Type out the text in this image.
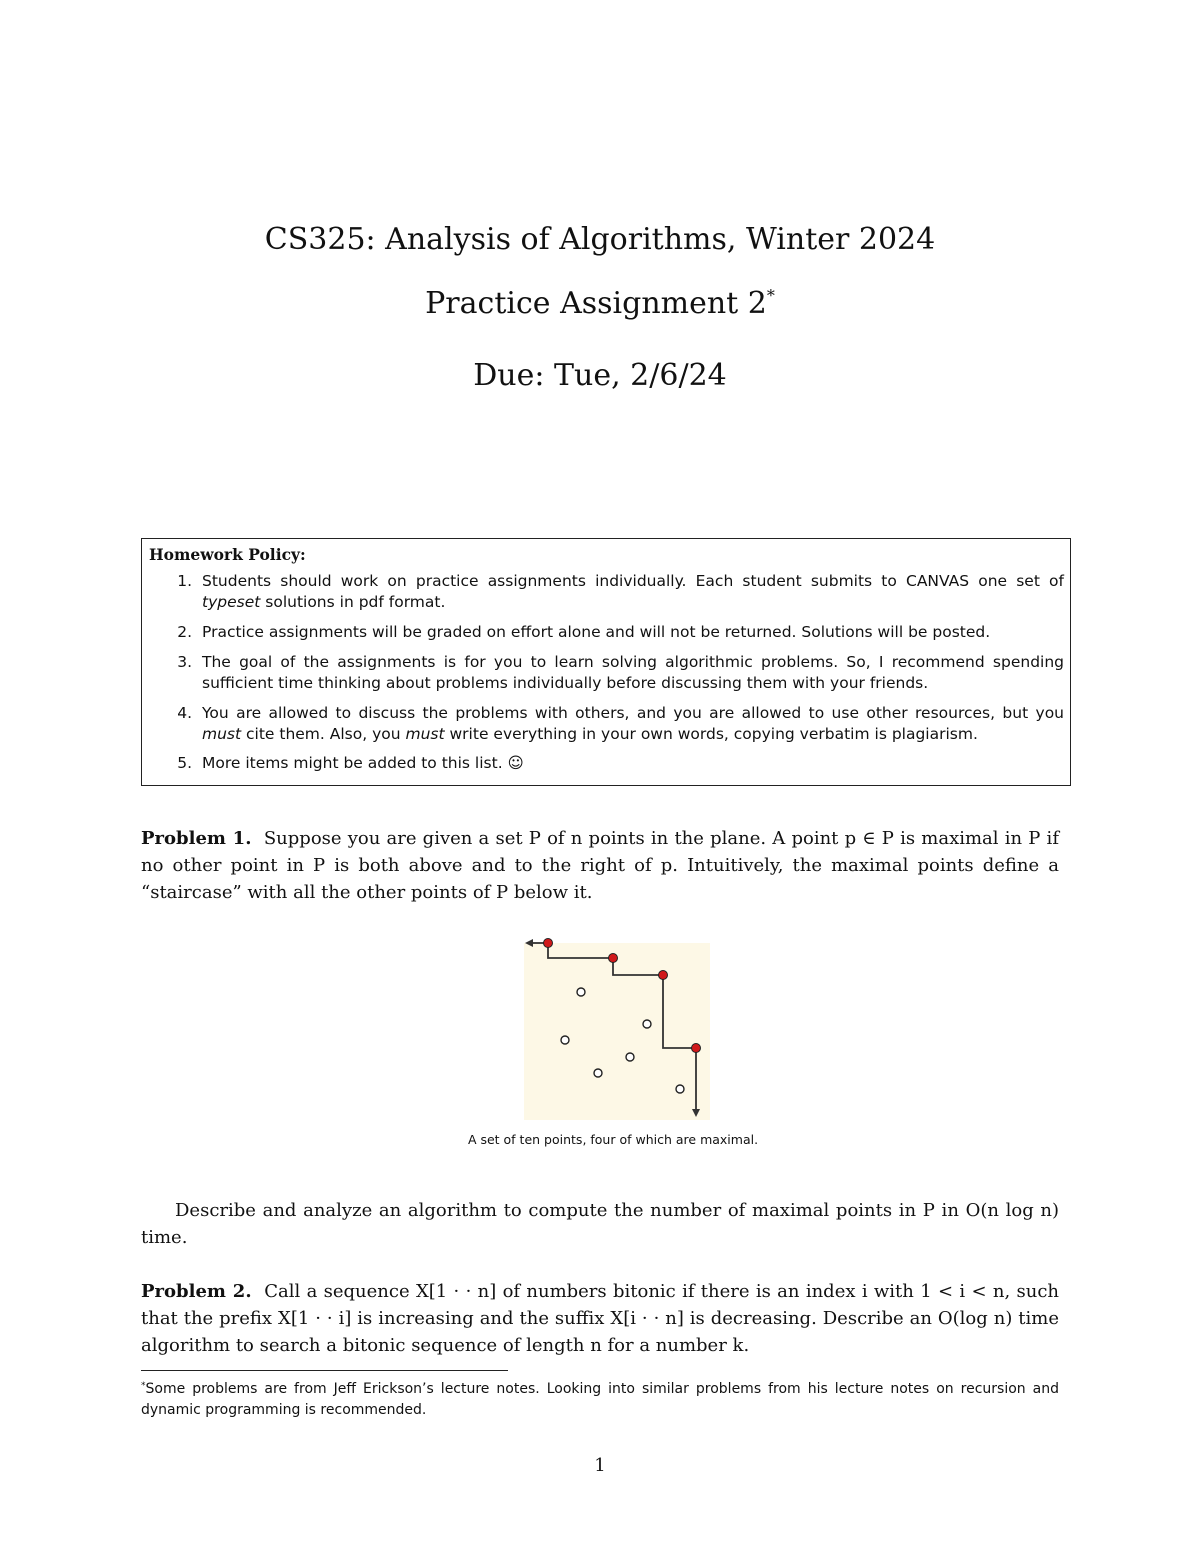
CS325: Analysis of Algorithms, Winter 2024
Practice Assignment 2*
Due: Tue, 2/6/24
Homework Policy:
1. Students should work on practice assignments individually. Each student submits to CANVAS one set of typeset solutions in pdf format.
2. Practice assignments will be graded on effort alone and will not be returned. Solutions will be posted.
3. The goal of the assignments is for you to learn solving algorithmic problems. So, I recommend spending sufficient time thinking about problems individually before discussing them with your friends.
4. You are allowed to discuss the problems with others, and you are allowed to use other resources, but you must cite them. Also, you must write everything in your own words, copying verbatim is plagiarism.
5. More items might be added to this list. ☺
Problem 1. Suppose you are given a set P of n points in the plane. A point p ∈ P is maximal in P if no other point in P is both above and to the right of p. Intuitively, the maximal points define a “staircase” with all the other points of P below it.
A set of ten points, four of which are maximal.
Describe and analyze an algorithm to compute the number of maximal points in P in O(n log n) time.
Problem 2. Call a sequence X[1 · · n] of numbers bitonic if there is an index i with 1 < i < n, such that the prefix X[1 · · i] is increasing and the suffix X[i · · n] is decreasing. Describe an O(log n) time algorithm to search a bitonic sequence of length n for a number k.
*Some problems are from Jeff Erickson’s lecture notes. Looking into similar problems from his lecture notes on recursion and dynamic programming is recommended.
1
